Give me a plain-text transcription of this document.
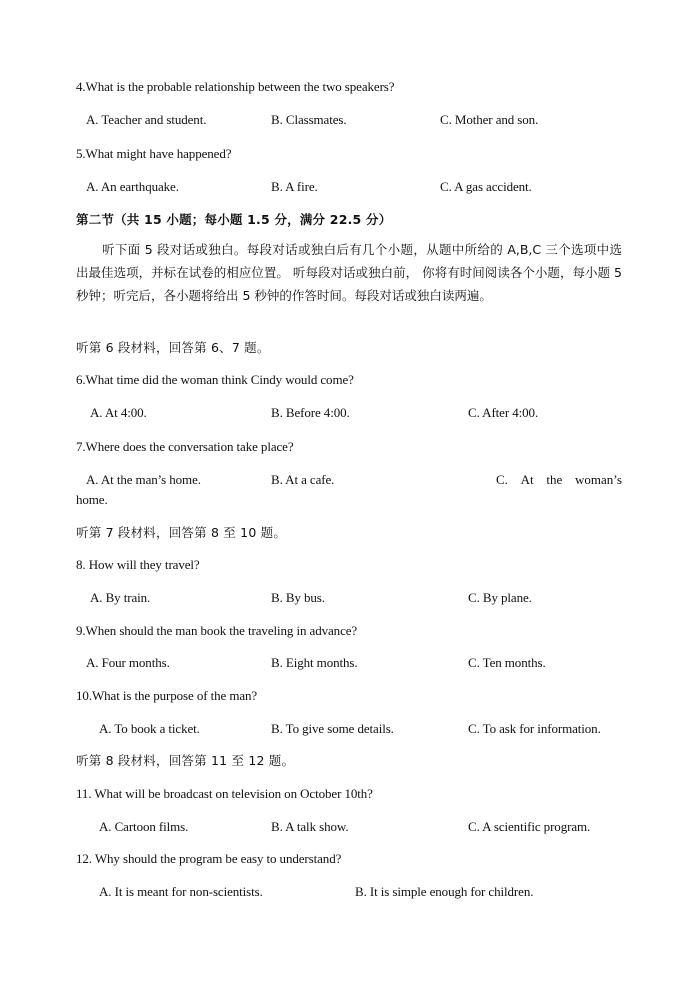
4.What is the probable relationship between the two speakers?
A. Teacher and student.	B. Classmates.	C. Mother and son.
5.What might have happened?
A. An earthquake.	B. A fire.	C. A gas accident.
第二节（共 15 小题；每小题 1.5 分，满分 22.5 分）
听下面 5 段对话或独白。每段对话或独白后有几个小题，从题中所给的 A,B,C 三个选项中选出最佳选项，并标在试卷的相应位置。 听每段对话或独白前， 你将有时间阅读各个小题，每小题 5 秒钟；听完后，各小题将给出 5 秒钟的作答时间。每段对话或独白读两遍。
听第 6 段材料，回答第 6、7 题。
6.What time did the woman think Cindy would come?
A. At 4:00.	B. Before 4:00.	C. After 4:00.
7.Where does the conversation take place?
A. At the man’s home.	B. At a cafe.	C. At the woman’s
home.
听第 7 段材料，回答第 8 至 10 题。
8. How will they travel?
A. By train.	B. By bus.	C. By plane.
9.When should the man book the traveling in advance?
A. Four months.	B. Eight months.	C. Ten months.
10.What is the purpose of the man?
A. To book a ticket.	B. To give some details.	C. To ask for information.
听第 8 段材料，回答第 11 至 12 题。
11. What will be broadcast on television on October 10th?
A. Cartoon films.	B. A talk show.	C. A scientific program.
12. Why should the program be easy to understand?
A. It is meant for non-scientists.	B. It is simple enough for children.
